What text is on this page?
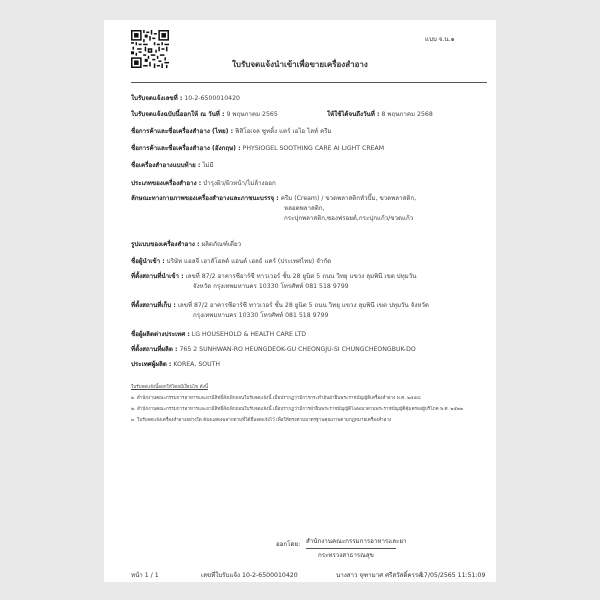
แบบ จ.น.๑
ใบรับจดแจ้งนำเข้าเพื่อขายเครื่องสำอาง
ใบรับจดแจ้งเลขที่ : 10-2-6500010420
ใบรับจดแจ้งฉบับนี้ออกให้ ณ วันที่ : 9 พฤษภาคม 2565	ให้ใช้ได้จนถึงวันที่ : 8 พฤษภาคม 2568
ชื่อการค้าและชื่อเครื่องสำอาง (ไทย) : ฟิสิโอเจล ซูทติ้ง แคร์ เอไอ ไลท์ ครีม
ชื่อการค้าและชื่อเครื่องสำอาง (อังกฤษ) : PHYSIOGEL SOOTHING CARE AI LIGHT CREAM
ชื่อเครื่องสำอางแบบท้าย : ไม่มี
ประเภทของเครื่องสำอาง : บำรุงผิว/ผิวหน้า/ไม่ล้างออก
ลักษณะทางกายภาพของเครื่องสำอางและภาชนะบรรจุ : ครีม (Cream) / ขวดพลาสติกหัวปั๊ม, ขวดพลาสติก,
หลอดพลาสติก,
กระปุกพลาสติก,ซองฟรอยด์,กระปุกแก้ว/ขวดแก้ว
รูปแบบของเครื่องสำอาง : ผลิตภัณฑ์เดี่ยว
ชื่อผู้นำเข้า : บริษัท แอลจี เฮาส์โฮลด์ แอนด์ เฮลธ์ แคร์ (ประเทศไทย) จำกัด
ที่ตั้งสถานที่นำเข้า : เลขที่ 87/2 อาคารซีอาร์ซี ทาวเวอร์ ชั้น 28 ยูนิต 5 ถนน วิทยุ แขวง ลุมพินี เขต ปทุมวัน
จังหวัด กรุงเทพมหานคร 10330 โทรศัพท์ 081 518 9799
ที่ตั้งสถานที่เก็บ : เลขที่ 87/2 อาคารซีอาร์ซี ทาวเวอร์ ชั้น 28 ยูนิต 5 ถนน วิทยุ แขวง ลุมพินี เขต ปทุมวัน จังหวัด
กรุงเทพมหานคร 10330 โทรศัพท์ 081 518 9799
ชื่อผู้ผลิตต่างประเทศ : LG HOUSEHOLD & HEALTH CARE LTD
ที่ตั้งสถานที่ผลิต : 765 2 SUNHWAN-RO HEUNGDEOK-GU CHEONGJU-SI CHUNGCHEONGBUK-DO
ประเทศผู้ผลิต : KOREA, SOUTH
ใบรับจดแจ้งนี้ออกให้โดยมีเงื่อนไข ดังนี้
๑. สำนักงานคณะกรรมการอาหารและยามีสิทธิ์สั่งเพิกถอนใบรับจดแจ้งนี้ เมื่อปรากฏว่ามีการกระทำอันฝ่าฝืนพระราชบัญญัติเครื่องสำอาง พ.ศ. ๒๕๕๘
๒. สำนักงานคณะกรรมการอาหารและยามีสิทธิ์สั่งเพิกถอนใบรับจดแจ้งนี้ เมื่อปรากฏว่ามีการฝ่าฝืนพระราชบัญญัติโฆษณาตามพระราชบัญญัติคุ้มครองผู้บริโภค พ.ศ. ๒๕๒๒
๓. ใบรับจดแจ้งเครื่องสำอางอย่างใด ต้องแสดงฉลากตามที่ได้ยื่นจดแจ้งไว้ เพื่อให้ตรงตามมาตรฐานคุณภาพตามกฎหมายเครื่องสำอาง
ออกโดย: สำนักงานคณะกรรมการอาหารและยา
กระทรวงสาธารณสุข
หน้า 1 / 1	เลขที่ใบรับแจ้ง 10-2-6500010420	นางสาว จุฑามาศ ศรีสวัสดิ์ครรค์
17/05/2565 11:51:09
